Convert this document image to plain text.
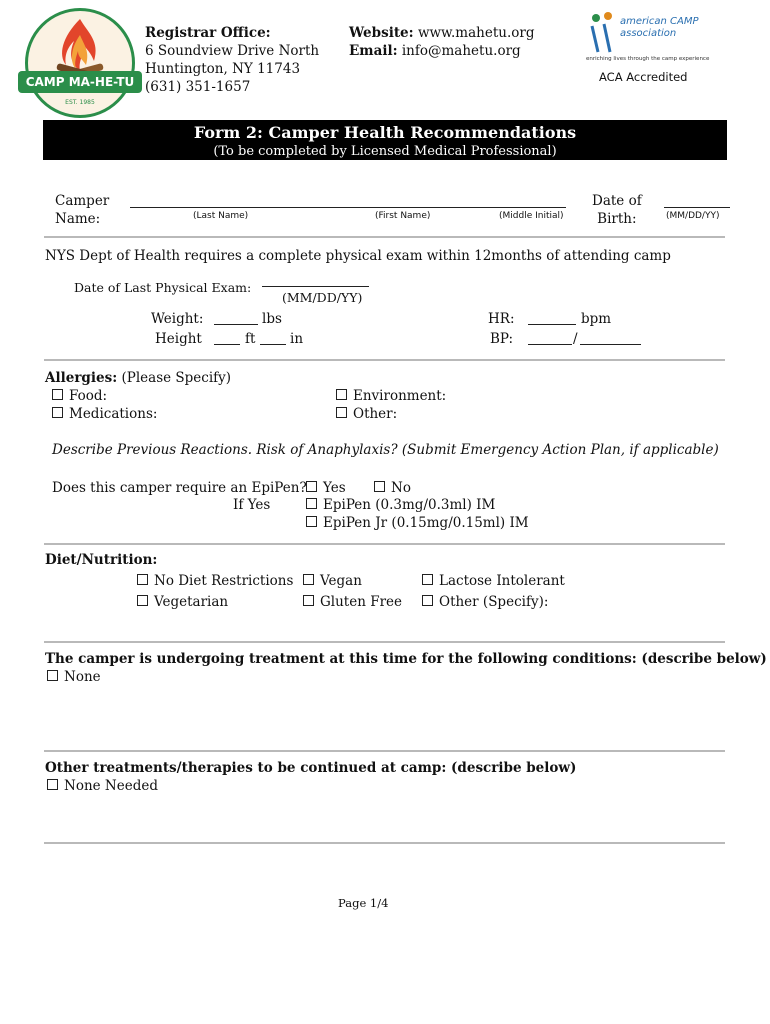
CAMP MA-HE-TU
EST. 1985
Registrar Office:
6 Soundview Drive North
Huntington, NY 11743
(631) 351-1657
Website: www.mahetu.org
Email: info@mahetu.org
american CAMP association
enriching lives through the camp experience
ACA Accredited
Form 2: Camper Health Recommendations
(To be completed by Licensed Medical Professional)
Camper
Name:	(Last Name)	(First Name)	(Middle Initial)
Date of
Birth:	(MM/DD/YY)
NYS Dept of Health requires a complete physical exam within 12months of attending camp
Date of Last Physical Exam:
(MM/DD/YY)
Weight:	lbs
Height	ft	in
HR:	bpm
BP:	/
Allergies: (Please Specify)
Food:
Medications:
Environment:
Other:
Describe Previous Reactions. Risk of Anaphylaxis? (Submit Emergency Action Plan, if applicable)
Does this camper require an EpiPen?
If Yes
Yes	No
EpiPen (0.3mg/0.3ml) IM
EpiPen Jr (0.15mg/0.15ml) IM
Diet/Nutrition:
No Diet Restrictions
Vegetarian
Vegan
Gluten Free
Lactose Intolerant
Other (Specify):
The camper is undergoing treatment at this time for the following conditions: (describe below)
None
Other treatments/therapies to be continued at camp: (describe below)
None Needed
Page 1/4
